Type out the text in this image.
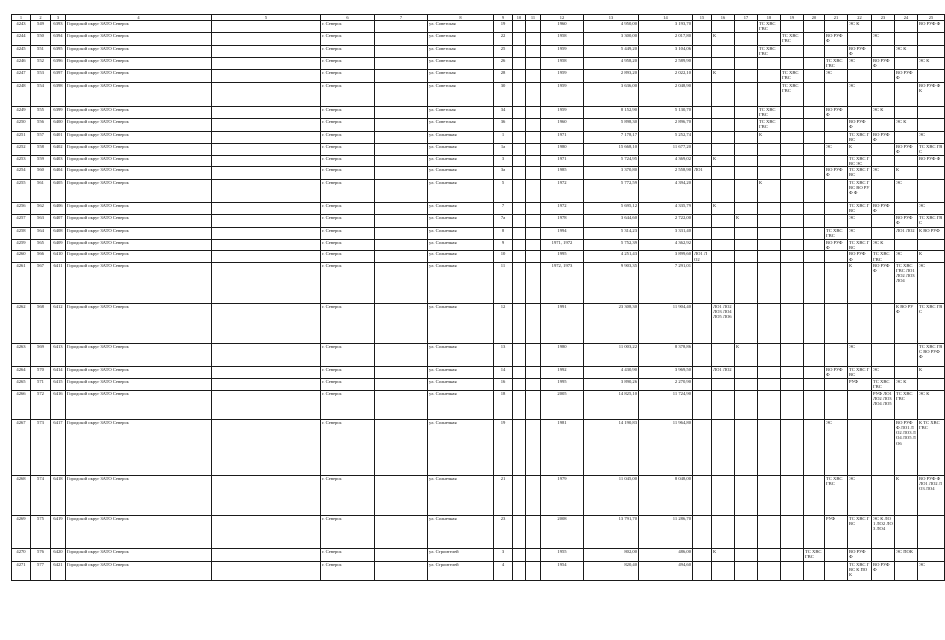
1	2	3	4	5	6	7	8	9	10	11	12	13	14	15	16	17	18	19	20	21	22	23	24	25

4243	549	6393	Городской округ ЗАТО Северск		г. Северск		ул. Советская	19			1960	4 950,00	3 193,70				ТС ХВС ГВС				ЭС К			ВО РУФ Ф

4244	550	6394	Городской округ ЗАТО Северск		г. Северск		ул. Советская	22			1958	3 300,00	2 017,80		К			ТС ХВС ГВС		ВО РУФ Ф		ЭС		

4245	551	6395	Городской округ ЗАТО Северск		г. Северск		ул. Советская	25			1959	5 449,20	3 104,06				ТС ХВС ГВС				ВО РУФ Ф		ЭС К	

4246	552	6396	Городской округ ЗАТО Северск		г. Северск		ул. Советская	26			1958	4 958,20	2 589,90							ТС ХВС ГВС	ЭС	ВО РУФ Ф		ЭС К

4247	553	6397	Городской округ ЗАТО Северск		г. Северск		ул. Советская	28			1959	2 893,20	2 022,10		К			ТС ХВС ГВС		ЭС			ВО РУФ Ф	

4248	554	6398	Городской округ ЗАТО Северск		г. Северск		ул. Советская	30			1959	3 636,00	2 048,90					ТС ХВС ГВС			ЭС			ВО РУФ Ф К

4249	555	6399	Городской округ ЗАТО Северск		г. Северск		ул. Советская	34			1959	8 152,90	5 130,70				ТС ХВС ГВС			ВО РУФ Ф		ЭС К		

4250	556	6400	Городской округ ЗАТО Северск		г. Северск		ул. Советская	36			1960	5 898,30	2 896,70				ТС ХВС ГВС				ВО РУФ Ф		ЭС К	

4251	557	6401	Городской округ ЗАТО Северск		г. Северск		ул. Солнечная	1			1971	7 178,17	5 252,74				К				ТС ХВС ГВС	ВО РУФ Ф		ЭС

4252	558	6402	Городской округ ЗАТО Северск		г. Северск		ул. Солнечная	1а			1980	15 668,10	11 677,20							ЭС	К		ВО РУФ Ф	ТС ХВС ГВС

4253	559	6403	Городской округ ЗАТО Северск		г. Северск		ул. Солнечная	3			1971	5 724,95	4 369,02		К						ТС ХВС ГВС ЭС			ВО РУФ Ф

4254	560	6404	Городской округ ЗАТО Северск		г. Северск		ул. Солнечная	3а			1985	3 370,80	2 558,90	ЛО1						ВО РУФ Ф	ТС ХВС ГВС	ЭС	К	

4255	561	6405	Городской округ ЗАТО Северск		г. Северск		ул. Солнечная	5			1972	5 772,59	4 394,20				К				ТС ХВС ГВС ВО РУФ Ф		ЭС	

4256	562	6406	Городской округ ЗАТО Северск		г. Северск		ул. Солнечная	7			1972	5 695,12	4 335,79		К						ТС ХВС ГВС	ВО РУФ Ф		ЭС

4257	563	6407	Городской округ ЗАТО Северск		г. Северск		ул. Солнечная	7а			1978	3 644,60	2 722,00			К					ЭС		ВО РУФ Ф	ТС ХВС ГВС

4258	564	6408	Городской округ ЗАТО Северск		г. Северск		ул. Солнечная	8			1994	5 314,23	3 331,40							ТС ХВС ГВС	ЭС		ЛО1 ЛО2	К ВО РУФ

4259	565	6409	Городской округ ЗАТО Северск		г. Северск		ул. Солнечная	9			1971, 1972	5 752,39	4 362,92							ВО РУФ Ф	ТС ХВС ГВС	ЭС К		

4260	566	6410	Городской округ ЗАТО Северск		г. Северск		ул. Солнечная	10			1995	4 251,43	3 899,60	ЛО1 ЛО2							ВО РУФ Ф	ТС ХВС ГВС	ЭС	К

4261	567	6411	Городской округ ЗАТО Северск		г. Северск		ул. Солнечная	11			1972, 1973	9 903,35	7 291,01								К	ВО РУФ Ф	ТС ХВС ГВС ЛО1 ЛО2 ЛО3 ЛО4	ЭС

4262	568	6412	Городской округ ЗАТО Северск		г. Северск		ул. Солнечная	12			1991	23 308,30	11 904,40		ЛО1 ЛО2 ЛО3 ЛО4 ЛО5 ЛО6								К ВО РУФ	ТС ХВС ГВС

4263	569	6413	Городской округ ЗАТО Северск		г. Северск		ул. Солнечная	13			1980	11 003,22	8 378,86			К					ЭС			ТС ХВС ГВС ВО РУФ Ф

4264	570	6414	Городской округ ЗАТО Северск		г. Северск		ул. Солнечная	14			1992	4 430,90	3 969,50		ЛО1 ЛО2					ВО РУФ Ф	ТС ХВС ГВС	ЭС		К

4265	571	6415	Городской округ ЗАТО Северск		г. Северск		ул. Солнечная	16			1995	3 890,26	2 270,90								РУФ	ТС ХВС ГВС	ЭС К	

4266	572	6416	Городской округ ЗАТО Северск		г. Северск		ул. Солнечная	18			2005	14 825,10	11 724,90									РУФ ЛО1 ЛО2 ЛО3 ЛО4 ЛО5	ТС ХВС ГВС	ЭС К

4267	573	6417	Городской округ ЗАТО Северск		г. Северск		ул. Солнечная	19			1981	14 190,83	11 964,80							ЭС			ВО РУФ Ф ЛО1 ЛО2 ЛО3 ЛО4 ЛО5 ЛО6	К ТС ХВС ГВС

4268	574	6418	Городской округ ЗАТО Северск		г. Северск		ул. Солнечная	21			1979	11 045,00	8 048,00							ТС ХВС ГВС	ЭС		К	ВО РУФ Ф ЛО1 ЛО2 ЛО3 ЛО4

4269	575	6419	Городской округ ЗАТО Северск		г. Северск		ул. Солнечная	23			2008	13 791,70	11 286,70							РУФ	ТС ХВС ГВС	ЭС К ЛО1 ЛО2 ЛО3 ЛО4		

4270	576	6420	Городской округ ЗАТО Северск		г. Северск		ул. Строителей	3			1955	802,00	486,00		К				ТС ХВС ГВС		ВО РУФ Ф		ЭС ПОК	

4271	577	6421	Городской округ ЗАТО Северск		г. Северск		ул. Строителей	4			1954	820,40	494,60								ТС ХВС ГВС К ПОК	ВО РУФ Ф		ЭС
